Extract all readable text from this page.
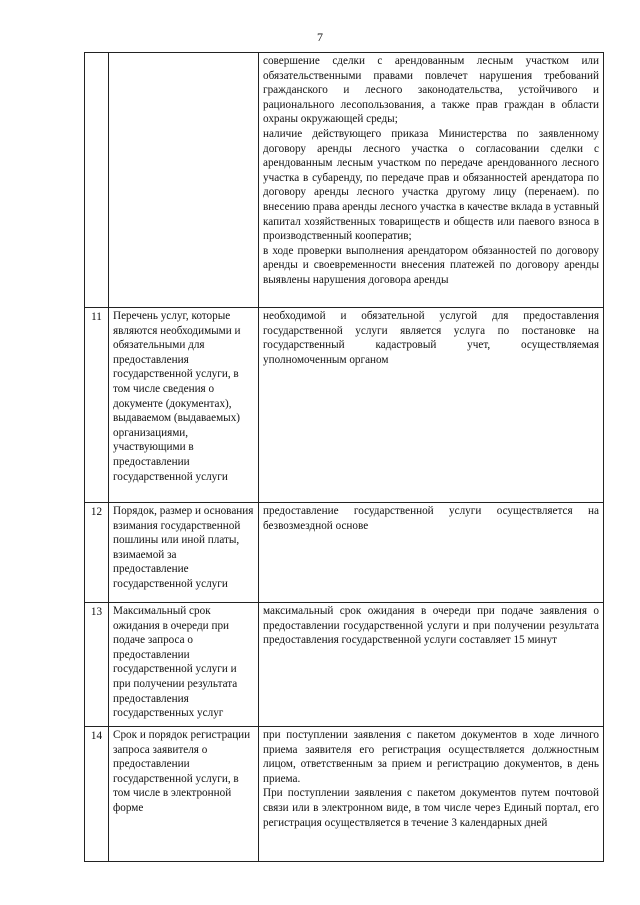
7

		совершение сделки с арендованным лесным участком или обязательственными правами повлечет нарушения требований гражданского и лесного законодательства, устойчивого и рационального лесопользования, а также прав граждан в области охраны окружающей среды;
наличие действующего приказа Министерства по заявленному договору аренды лесного участка о согласовании сделки с арендованным лесным участком по передаче арендованного лесного участка в субаренду, по передаче прав и обязанностей арендатора по договору аренды лесного участка другому лицу (перенаем). по внесению права аренды лесного участка в качестве вклада в уставный капитал хозяйственных товариществ и обществ или паевого взноса в производственный кооператив;
в ходе проверки выполнения арендатором обязанностей по договору аренды и своевременности внесения платежей по договору аренды выявлены нарушения договора аренды

11	Перечень услуг, которые являются необходимыми и обязательными для предоставления государственной услуги, в том числе сведения о документе (документах), выдаваемом (выдаваемых) организациями, участвующими в предоставлении государственной услуги	необходимой и обязательной услугой для предоставления государственной услуги является услуга по постановке на государственный кадастровый учет, осуществляемая уполномоченным органом

12	Порядок, размер и основания взимания государственной пошлины или иной платы, взимаемой за предоставление государственной услуги	предоставление государственной услуги осуществляется на безвозмездной основе

13	Максимальный срок ожидания в очереди при подаче запроса о предоставлении государственной услуги и при получении результата предоставления государственных услуг	максимальный срок ожидания в очереди при подаче заявления о предоставлении государственной услуги и при получении результата предоставления государственной услуги составляет 15 минут

14	Срок и порядок регистрации запроса заявителя о предоставлении государственной услуги, в том числе в электронной форме	при поступлении заявления с пакетом документов в ходе личного приема заявителя его регистрация осуществляется должностным лицом, ответственным за прием и регистрацию документов, в день приема.
При поступлении заявления с пакетом документов путем почтовой связи или в электронном виде, в том числе через Единый портал, его регистрация осуществляется в течение 3 календарных дней
